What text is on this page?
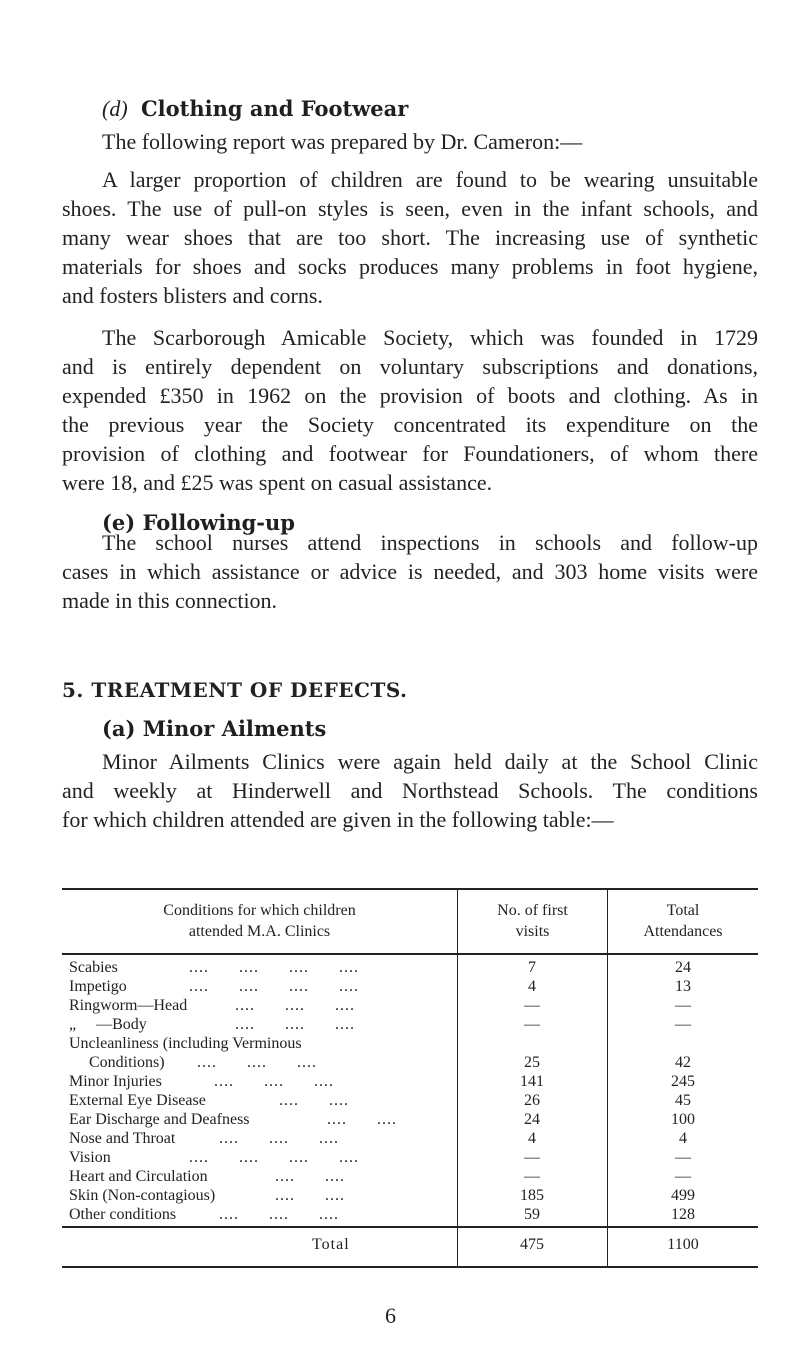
(d) Clothing and Footwear
The following report was prepared by Dr. Cameron:—
A larger proportion of children are found to be wearing unsuitable
shoes. The use of pull-on styles is seen, even in the infant schools, and
many wear shoes that are too short. The increasing use of synthetic
materials for shoes and socks produces many problems in foot hygiene,
and fosters blisters and corns.
The Scarborough Amicable Society, which was founded in 1729
and is entirely dependent on voluntary subscriptions and donations,
expended £350 in 1962 on the provision of boots and clothing. As in
the previous year the Society concentrated its expenditure on the
provision of clothing and footwear for Foundationers, of whom there
were 18, and £25 was spent on casual assistance.
(e) Following-up
The school nurses attend inspections in schools and follow-up
cases in which assistance or advice is needed, and 303 home visits were
made in this connection.
5. TREATMENT OF DEFECTS.
(a) Minor Ailments
Minor Ailments Clinics were again held daily at the School Clinic
and weekly at Hinderwell and Northstead Schools. The conditions
for which children attended are given in the following table:—
Conditions for which children
attended M.A. Clinics
No. of first
visits
Total
Attendances
Scabies	....      ....      ....      ....	7	24
Impetigo	....      ....      ....      ....	4	13
Ringworm—Head	....      ....      ....	—	—
„     —Body	....      ....      ....	—	—
Uncleanliness (including Verminous
Conditions) ....      ....      ....	25	42
Minor Injuries	....      ....      ....	141	245
External Eye Disease	....      ....	26	45
Ear Discharge and Deafness	....      ....	24	100
Nose and Throat	....      ....      ....	4	4
Vision	....      ....      ....      ....	—	—
Heart and Circulation	....      ....	—	—
Skin (Non-contagious)	....      ....	185	499
Other conditions	....      ....      ....	59	128
Total	475	1100
6
